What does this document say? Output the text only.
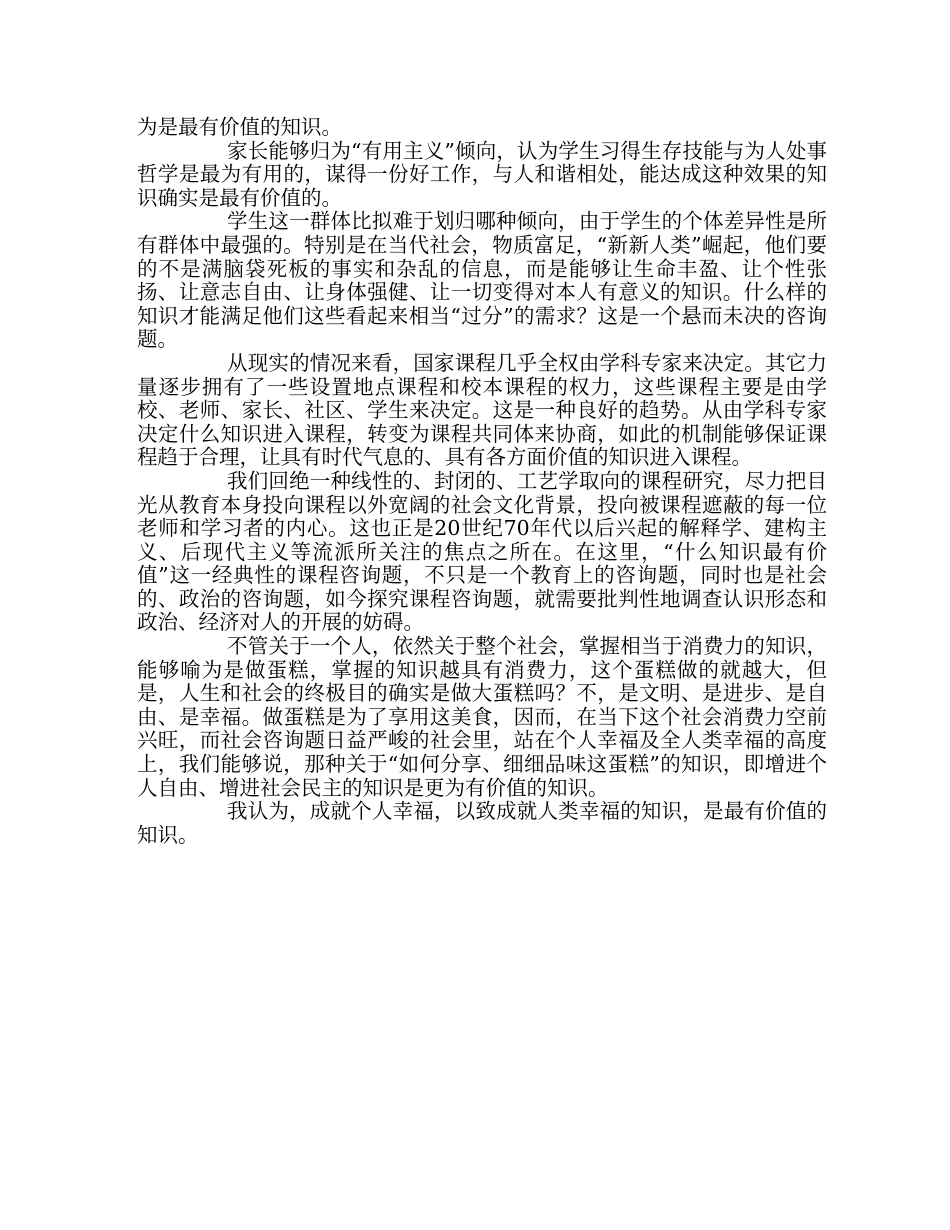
为是最有价值的知识。

家长能够归为“有用主义”倾向，认为学生习得生存技能与为人处事哲学是最为有用的，谋得一份好工作，与人和谐相处，能达成这种效果的知识确实是最有价值的。

学生这一群体比拟难于划归哪种倾向，由于学生的个体差异性是所有群体中最强的。特别是在当代社会，物质富足，“新新人类”崛起，他们要的不是满脑袋死板的事实和杂乱的信息，而是能够让生命丰盈、让个性张扬、让意志自由、让身体强健、让一切变得对本人有意义的知识。什么样的知识才能满足他们这些看起来相当“过分”的需求？这是一个悬而未决的咨询题。

从现实的情况来看，国家课程几乎全权由学科专家来决定。其它力量逐步拥有了一些设置地点课程和校本课程的权力，这些课程主要是由学校、老师、家长、社区、学生来决定。这是一种良好的趋势。从由学科专家决定什么知识进入课程，转变为课程共同体来协商，如此的机制能够保证课程趋于合理，让具有时代气息的、具有各方面价值的知识进入课程。

我们回绝一种线性的、封闭的、工艺学取向的课程研究，尽力把目光从教育本身投向课程以外宽阔的社会文化背景，投向被课程遮蔽的每一位老师和学习者的内心。这也正是20世纪70年代以后兴起的解释学、建构主义、后现代主义等流派所关注的焦点之所在。在这里，“什么知识最有价值”这一经典性的课程咨询题，不只是一个教育上的咨询题，同时也是社会的、政治的咨询题，如今探究课程咨询题，就需要批判性地调查认识形态和政治、经济对人的开展的妨碍。

不管关于一个人，依然关于整个社会，掌握相当于消费力的知识，能够喻为是做蛋糕，掌握的知识越具有消费力，这个蛋糕做的就越大，但是，人生和社会的终极目的确实是做大蛋糕吗？不，是文明、是进步、是自由、是幸福。做蛋糕是为了享用这美食，因而，在当下这个社会消费力空前兴旺，而社会咨询题日益严峻的社会里，站在个人幸福及全人类幸福的高度上，我们能够说，那种关于“如何分享、细细品味这蛋糕”的知识，即增进个人自由、增进社会民主的知识是更为有价值的知识。

我认为，成就个人幸福，以致成就人类幸福的知识，是最有价值的知识。
